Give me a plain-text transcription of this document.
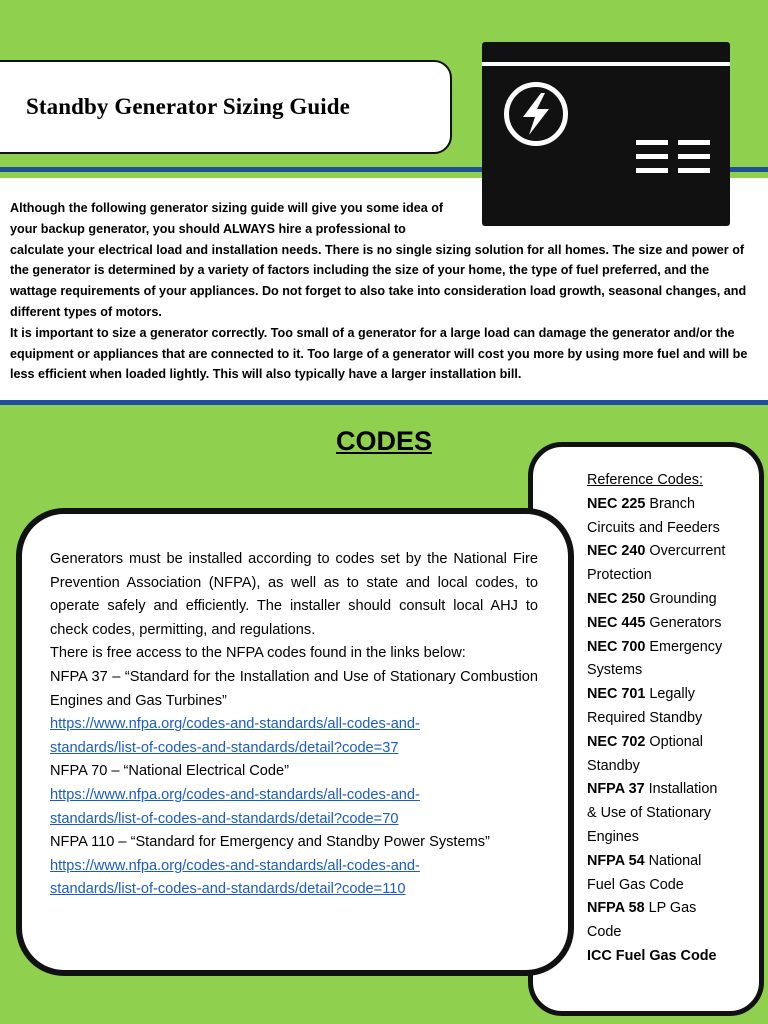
Standby Generator Sizing Guide

Although the following generator sizing guide will give you some idea of

your backup generator, you should ALWAYS hire a professional to

calculate your electrical load and installation needs. There is no single sizing solution for all homes. The size and power of the generator is determined by a variety of factors including the size of your home, the type of fuel preferred, and the wattage requirements of your appliances. Do not forget to also take into consideration load growth, seasonal changes, and different types of motors.

It is important to size a generator correctly. Too small of a generator for a large load can damage the generator and/or the equipment or appliances that are connected to it. Too large of a generator will cost you more by using more fuel and will be less efficient when loaded lightly. This will also typically have a larger installation bill.

CODES
Reference Codes:
NEC 225 Branch
Circuits and Feeders
NEC 240 Overcurrent
Protection
NEC 250 Grounding
NEC 445 Generators
NEC 700 Emergency
Systems
NEC 701 Legally
Required Standby
NEC 702 Optional
Standby
NFPA 37 Installation
& Use of Stationary
Engines
NFPA 54 National
Fuel Gas Code
NFPA 58 LP Gas
Code
ICC Fuel Gas Code

Generators must be installed according to codes set by the National Fire Prevention Association (NFPA), as well as to state and local codes, to operate safely and efficiently. The installer should consult local AHJ to check codes, permitting, and regulations.

There is free access to the NFPA codes found in the links below:

NFPA 37 – “Standard for the Installation and Use of Stationary Combustion Engines and Gas Turbines”
https://www.nfpa.org/codes-and-standards/all-codes-and-
standards/list-of-codes-and-standards/detail?code=37
NFPA 70 – “National Electrical Code”
https://www.nfpa.org/codes-and-standards/all-codes-and-
standards/list-of-codes-and-standards/detail?code=70
NFPA 110 – “Standard for Emergency and Standby Power Systems”
https://www.nfpa.org/codes-and-standards/all-codes-and-
standards/list-of-codes-and-standards/detail?code=110
